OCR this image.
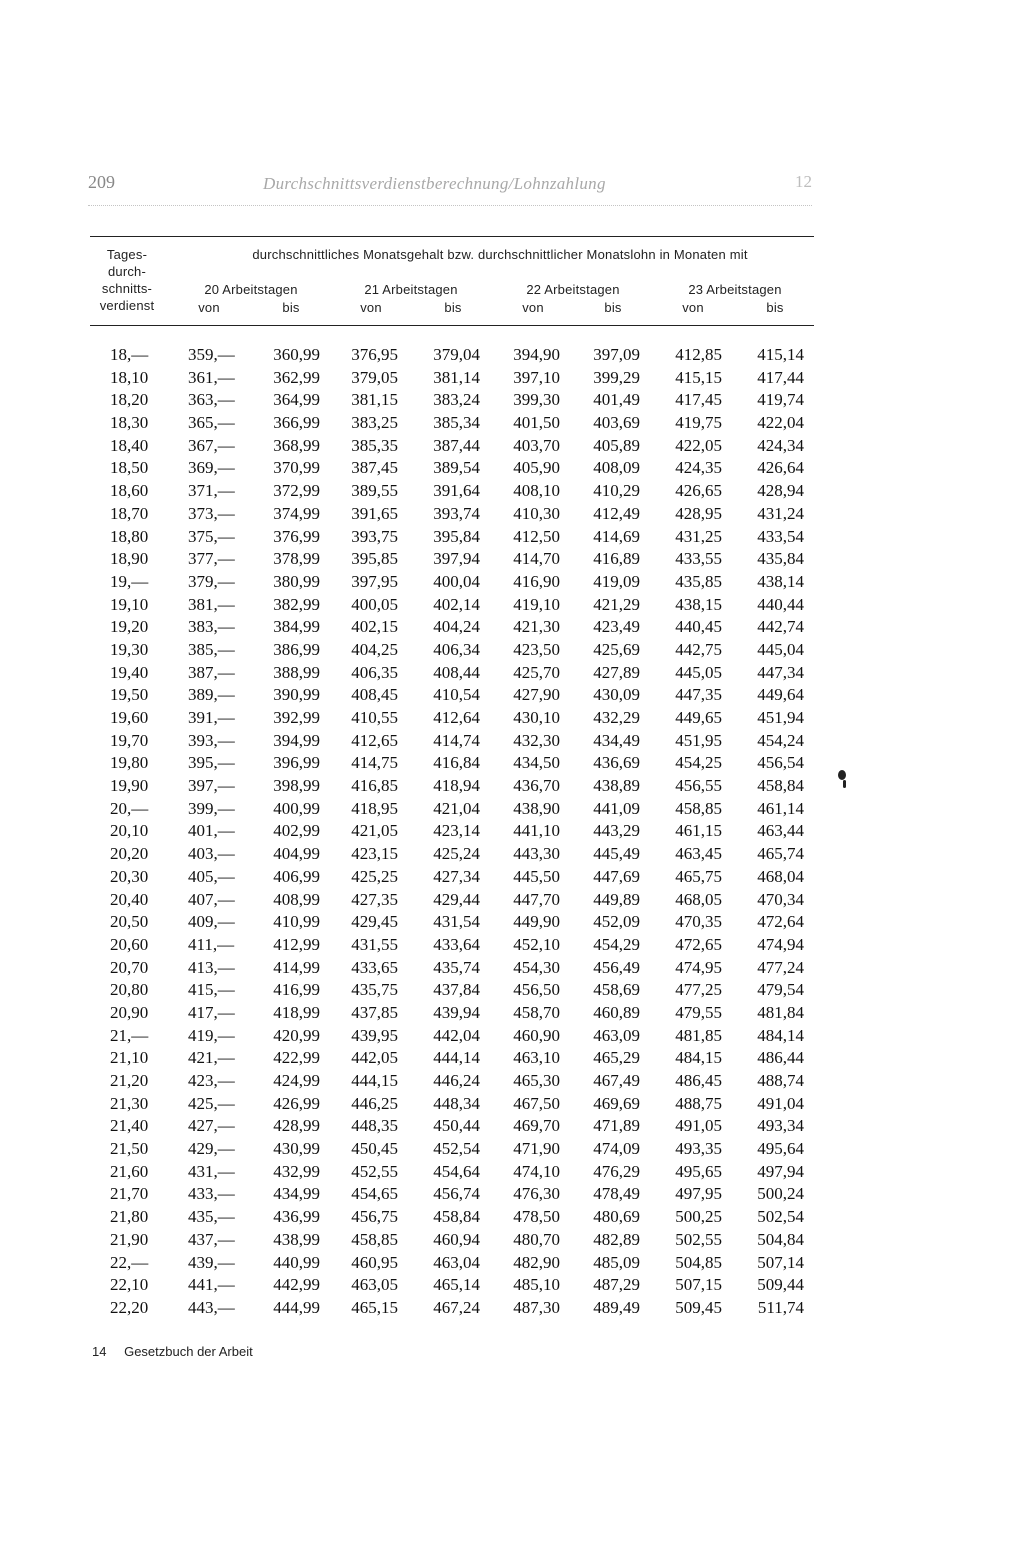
209	Durchschnittsverdienstberechnung/Lohnzahlung	12
Tages-
durch-
schnitts-
verdienst
durchschnittliches Monatsgehalt bzw. durchschnittlicher Monatslohn in Monaten mit
20 Arbeitstagen	21 Arbeitstagen	22 Arbeitstagen	23 Arbeitstagen
von	bis	von	bis	von	bis	von	bis
18,—	359,—	360,99	376,95	379,04	394,90	397,09	412,85	415,14
18,10	361,—	362,99	379,05	381,14	397,10	399,29	415,15	417,44
18,20	363,—	364,99	381,15	383,24	399,30	401,49	417,45	419,74
18,30	365,—	366,99	383,25	385,34	401,50	403,69	419,75	422,04
18,40	367,—	368,99	385,35	387,44	403,70	405,89	422,05	424,34
18,50	369,—	370,99	387,45	389,54	405,90	408,09	424,35	426,64
18,60	371,—	372,99	389,55	391,64	408,10	410,29	426,65	428,94
18,70	373,—	374,99	391,65	393,74	410,30	412,49	428,95	431,24
18,80	375,—	376,99	393,75	395,84	412,50	414,69	431,25	433,54
18,90	377,—	378,99	395,85	397,94	414,70	416,89	433,55	435,84
19,—	379,—	380,99	397,95	400,04	416,90	419,09	435,85	438,14
19,10	381,—	382,99	400,05	402,14	419,10	421,29	438,15	440,44
19,20	383,—	384,99	402,15	404,24	421,30	423,49	440,45	442,74
19,30	385,—	386,99	404,25	406,34	423,50	425,69	442,75	445,04
19,40	387,—	388,99	406,35	408,44	425,70	427,89	445,05	447,34
19,50	389,—	390,99	408,45	410,54	427,90	430,09	447,35	449,64
19,60	391,—	392,99	410,55	412,64	430,10	432,29	449,65	451,94
19,70	393,—	394,99	412,65	414,74	432,30	434,49	451,95	454,24
19,80	395,—	396,99	414,75	416,84	434,50	436,69	454,25	456,54
19,90	397,—	398,99	416,85	418,94	436,70	438,89	456,55	458,84
20,—	399,—	400,99	418,95	421,04	438,90	441,09	458,85	461,14
20,10	401,—	402,99	421,05	423,14	441,10	443,29	461,15	463,44
20,20	403,—	404,99	423,15	425,24	443,30	445,49	463,45	465,74
20,30	405,—	406,99	425,25	427,34	445,50	447,69	465,75	468,04
20,40	407,—	408,99	427,35	429,44	447,70	449,89	468,05	470,34
20,50	409,—	410,99	429,45	431,54	449,90	452,09	470,35	472,64
20,60	411,—	412,99	431,55	433,64	452,10	454,29	472,65	474,94
20,70	413,—	414,99	433,65	435,74	454,30	456,49	474,95	477,24
20,80	415,—	416,99	435,75	437,84	456,50	458,69	477,25	479,54
20,90	417,—	418,99	437,85	439,94	458,70	460,89	479,55	481,84
21,—	419,—	420,99	439,95	442,04	460,90	463,09	481,85	484,14
21,10	421,—	422,99	442,05	444,14	463,10	465,29	484,15	486,44
21,20	423,—	424,99	444,15	446,24	465,30	467,49	486,45	488,74
21,30	425,—	426,99	446,25	448,34	467,50	469,69	488,75	491,04
21,40	427,—	428,99	448,35	450,44	469,70	471,89	491,05	493,34
21,50	429,—	430,99	450,45	452,54	471,90	474,09	493,35	495,64
21,60	431,—	432,99	452,55	454,64	474,10	476,29	495,65	497,94
21,70	433,—	434,99	454,65	456,74	476,30	478,49	497,95	500,24
21,80	435,—	436,99	456,75	458,84	478,50	480,69	500,25	502,54
21,90	437,—	438,99	458,85	460,94	480,70	482,89	502,55	504,84
22,—	439,—	440,99	460,95	463,04	482,90	485,09	504,85	507,14
22,10	441,—	442,99	463,05	465,14	485,10	487,29	507,15	509,44
22,20	443,—	444,99	465,15	467,24	487,30	489,49	509,45	511,74
14 Gesetzbuch der Arbeit
